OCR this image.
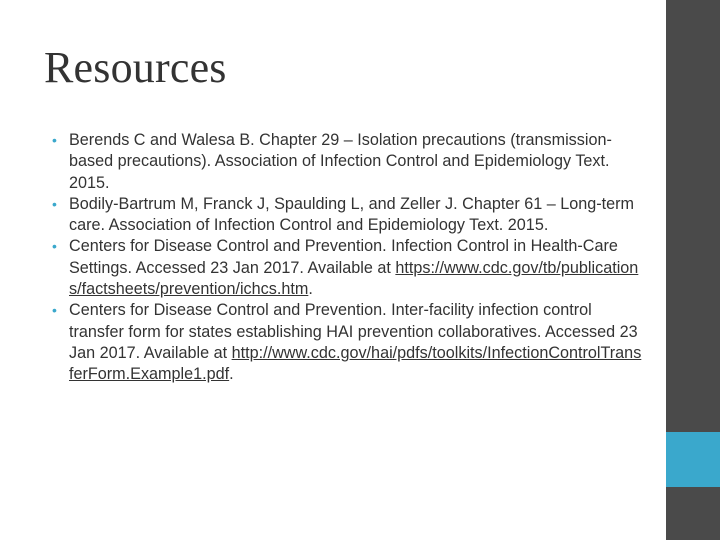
Resources
• Berends C and Walesa B. Chapter 29 – Isolation precautions (transmission-based precautions). Association of Infection Control and Epidemiology Text. 2015.
• Bodily-Bartrum M, Franck J, Spaulding L, and Zeller J. Chapter 61 – Long-term care. Association of Infection Control and Epidemiology Text. 2015.
• Centers for Disease Control and Prevention. Infection Control in Health-Care Settings. Accessed 23 Jan 2017. Available at https://www.cdc.gov/tb/publications/factsheets/prevention/ichcs.htm.
• Centers for Disease Control and Prevention. Inter-facility infection control transfer form for states establishing HAI prevention collaboratives. Accessed 23 Jan 2017. Available at http://www.cdc.gov/hai/pdfs/toolkits/InfectionControlTransferForm.Example1.pdf.
